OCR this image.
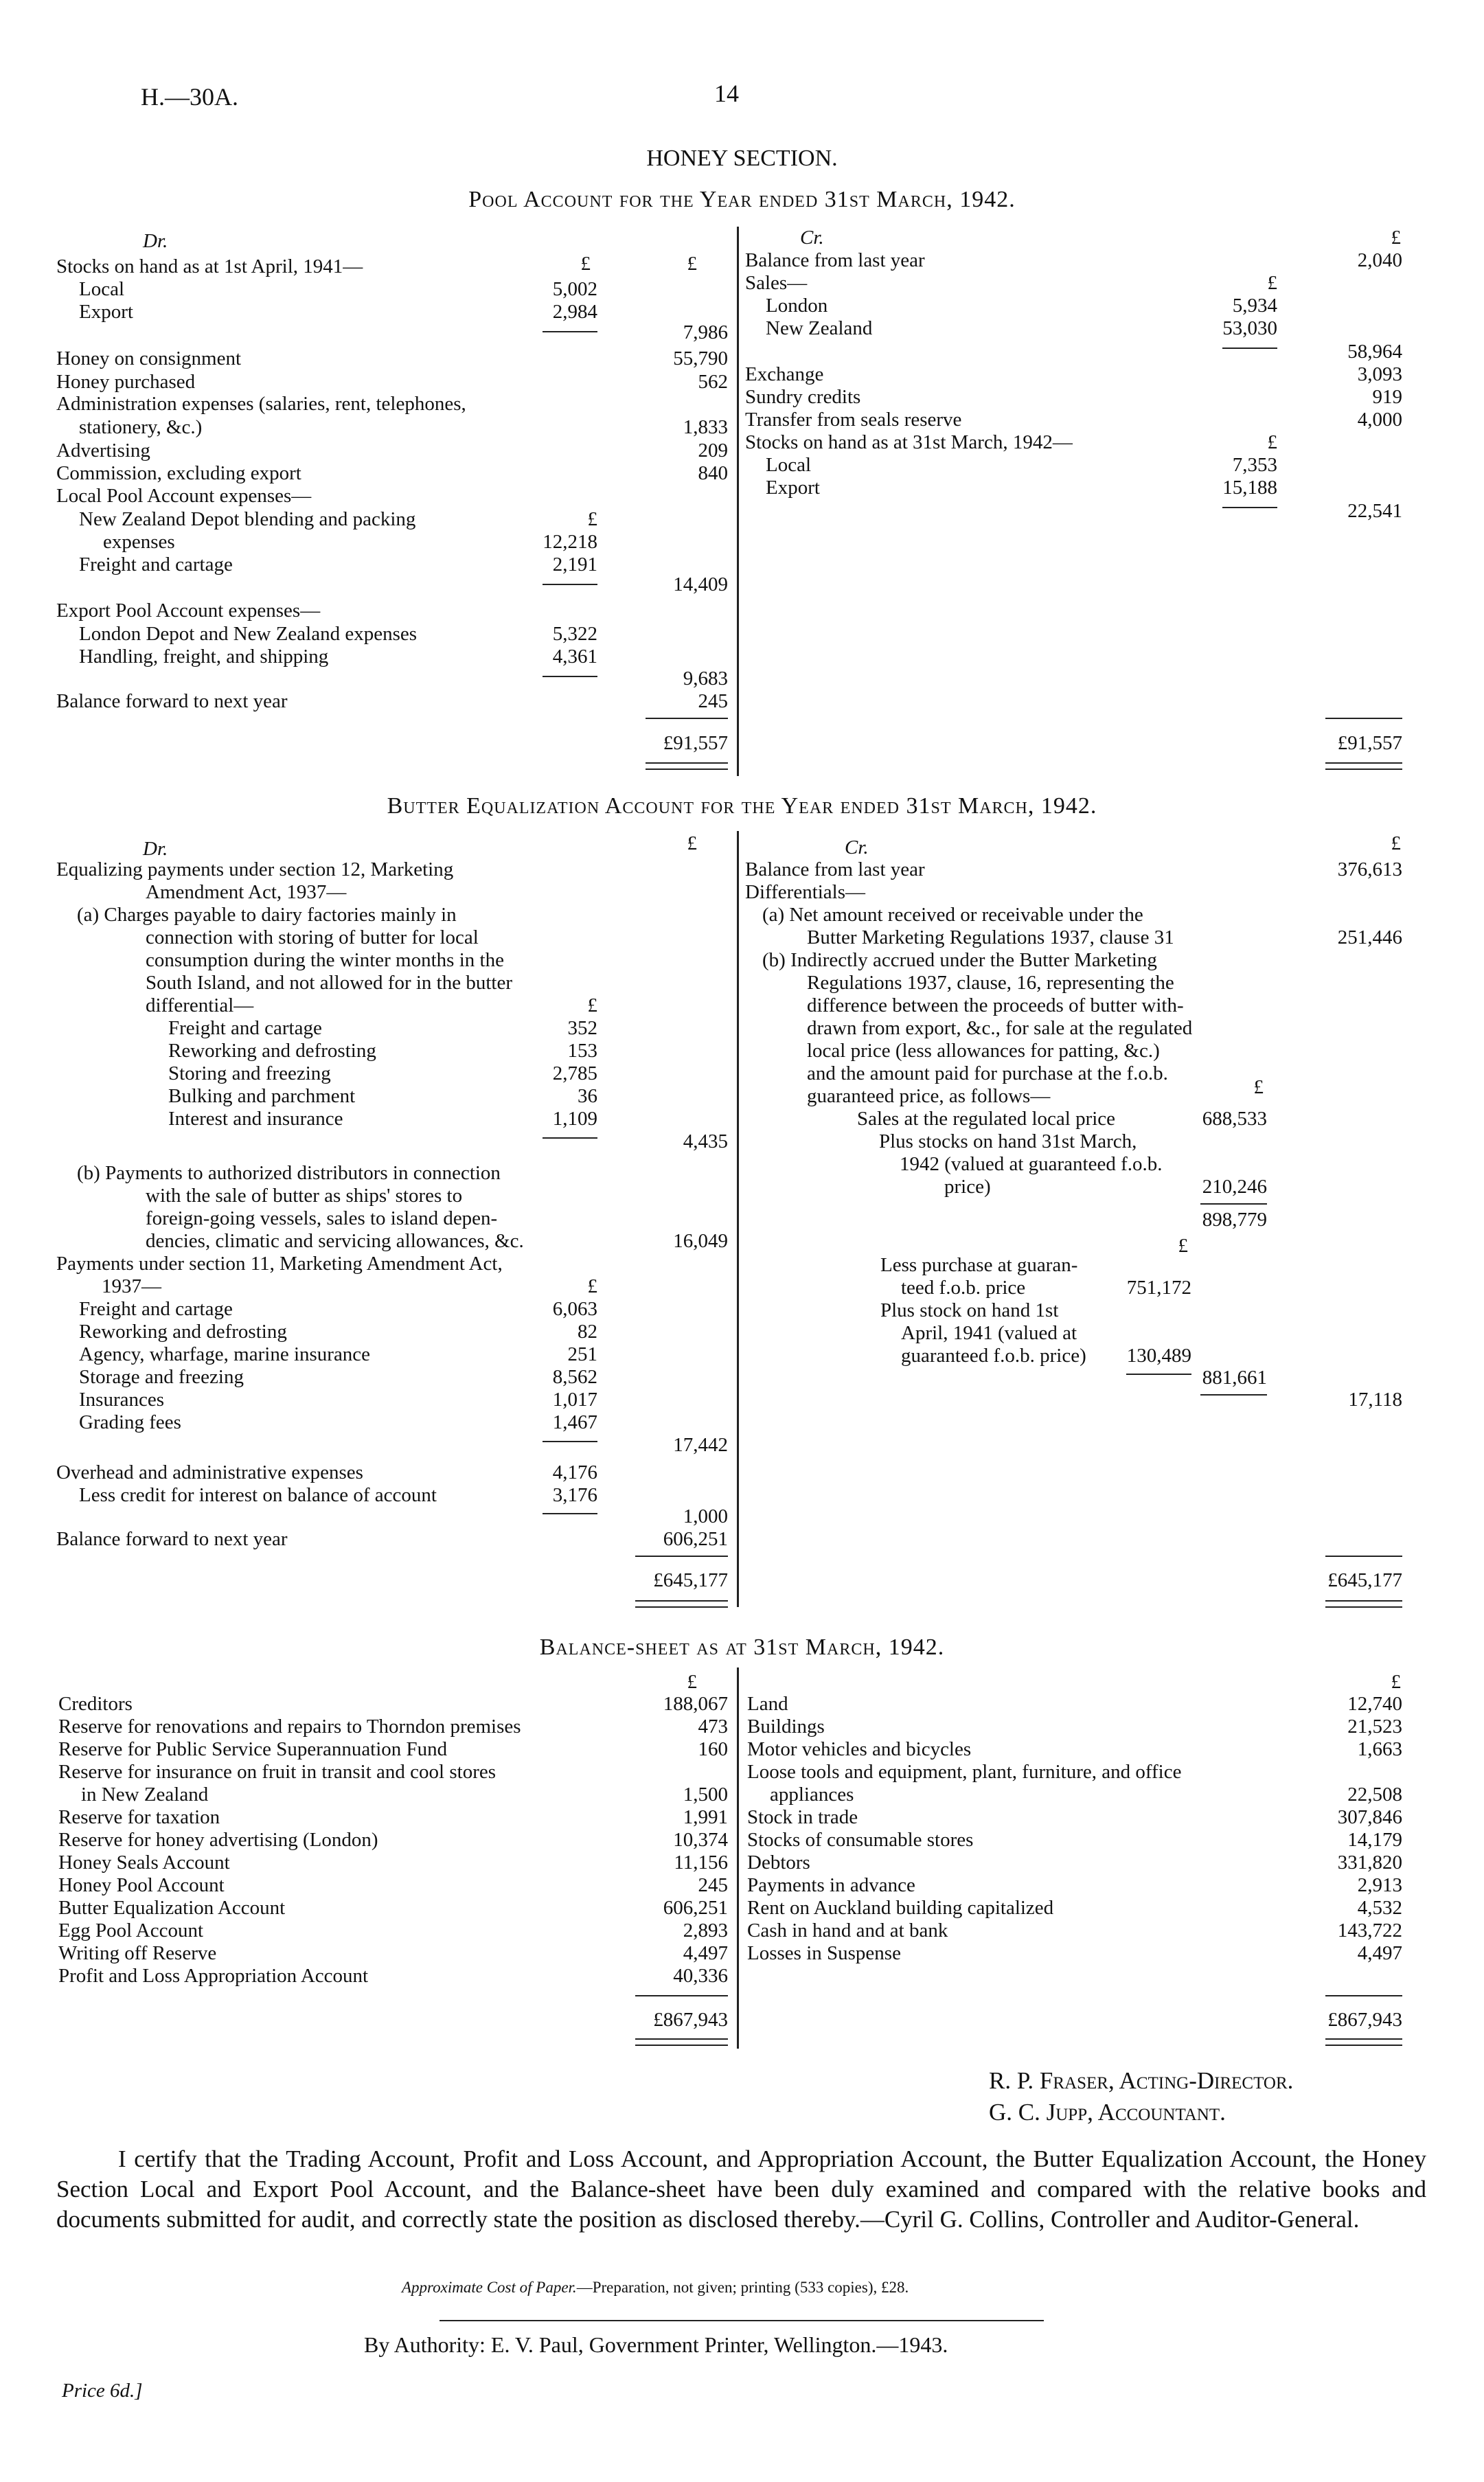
H.—30A.	14
HONEY SECTION.
Pool Account for the Year ended 31st March, 1942.
Dr.
£	£
Stocks on hand as at 1st April, 1941—
Local	5,002
Export	2,984
7,986
Honey on consignment	55,790
Honey purchased	562
Administration expenses (salaries, rent, telephones,
stationery, &c.)	1,833
Advertising	209
Commission, excluding export	840
Local Pool Account expenses—
New Zealand Depot blending and packing	£
expenses	12,218
Freight and cartage	2,191
14,409
Export Pool Account expenses—
London Depot and New Zealand expenses	5,322
Handling, freight, and shipping	4,361
9,683
Balance forward to next year	245
£91,557
Cr.	£
Balance from last year	2,040
Sales—	£
London	5,934
New Zealand	53,030
58,964
Exchange	3,093
Sundry credits	919
Transfer from seals reserve	4,000
Stocks on hand as at 31st March, 1942—	£
Local	7,353
Export	15,188
22,541
£91,557
Butter Equalization Account for the Year ended 31st March, 1942.
Dr.	£
Equalizing payments under section 12, Marketing
Amendment Act, 1937—
(a) Charges payable to dairy factories mainly in
connection with storing of butter for local
consumption during the winter months in the
South Island, and not allowed for in the butter
differential—	£
Freight and cartage	352
Reworking and defrosting	153
Storing and freezing	2,785
Bulking and parchment	36
Interest and insurance	1,109
4,435
(b) Payments to authorized distributors in connection
with the sale of butter as ships' stores to
foreign-going vessels, sales to island depen-
dencies, climatic and servicing allowances, &c.	16,049
Payments under section 11, Marketing Amendment Act,
1937—	£
Freight and cartage	6,063
Reworking and defrosting	82
Agency, wharfage, marine insurance	251
Storage and freezing	8,562
Insurances	1,017
Grading fees	1,467
17,442
Overhead and administrative expenses	4,176
Less credit for interest on balance of account	3,176
1,000
Balance forward to next year	606,251
£645,177
Cr.	£
Balance from last year	376,613
Differentials—
(a) Net amount received or receivable under the
Butter Marketing Regulations 1937, clause 31	251,446
(b) Indirectly accrued under the Butter Marketing
Regulations 1937, clause, 16, representing the
difference between the proceeds of butter with-
drawn from export, &c., for sale at the regulated
local price (less allowances for patting, &c.)
and the amount paid for purchase at the f.o.b.
guaranteed price, as follows—	£
Sales at the regulated local price	688,533
Plus stocks on hand 31st March,
1942 (valued at guaranteed f.o.b.
price)	210,246
898,779
£
Less purchase at guaran-
teed f.o.b. price	751,172
Plus stock on hand 1st
April, 1941 (valued at
guaranteed f.o.b. price)	130,489
881,661
17,118
£645,177
Balance-sheet as at 31st March, 1942.
£	£
Creditors	188,067
Reserve for renovations and repairs to Thorndon premises	473
Reserve for Public Service Superannuation Fund	160
Reserve for insurance on fruit in transit and cool stores
in New Zealand	1,500
Reserve for taxation	1,991
Reserve for honey advertising (London)	10,374
Honey Seals Account	11,156
Honey Pool Account	245
Butter Equalization Account	606,251
Egg Pool Account	2,893
Writing off Reserve	4,497
Profit and Loss Appropriation Account	40,336
£867,943
Land	12,740
Buildings	21,523
Motor vehicles and bicycles	1,663
Loose tools and equipment, plant, furniture, and office
appliances	22,508
Stock in trade	307,846
Stocks of consumable stores	14,179
Debtors	331,820
Payments in advance	2,913
Rent on Auckland building capitalized	4,532
Cash in hand and at bank	143,722
Losses in Suspense	4,497
£867,943
R. P. Fraser, Acting-Director.
G. C. Jupp, Accountant.
I certify that the Trading Account, Profit and Loss Account, and Appropriation Account, the Butter Equalization Account, the Honey Section Local and Export Pool Account, and the Balance-sheet have been duly examined and compared with the relative books and documents submitted for audit, and correctly state the position as disclosed thereby.—Cyril G. Collins, Controller and Auditor-General.
Approximate Cost of Paper.—Preparation, not given; printing (533 copies), £28.
By Authority: E. V. Paul, Government Printer, Wellington.—1943.
Price 6d.]
